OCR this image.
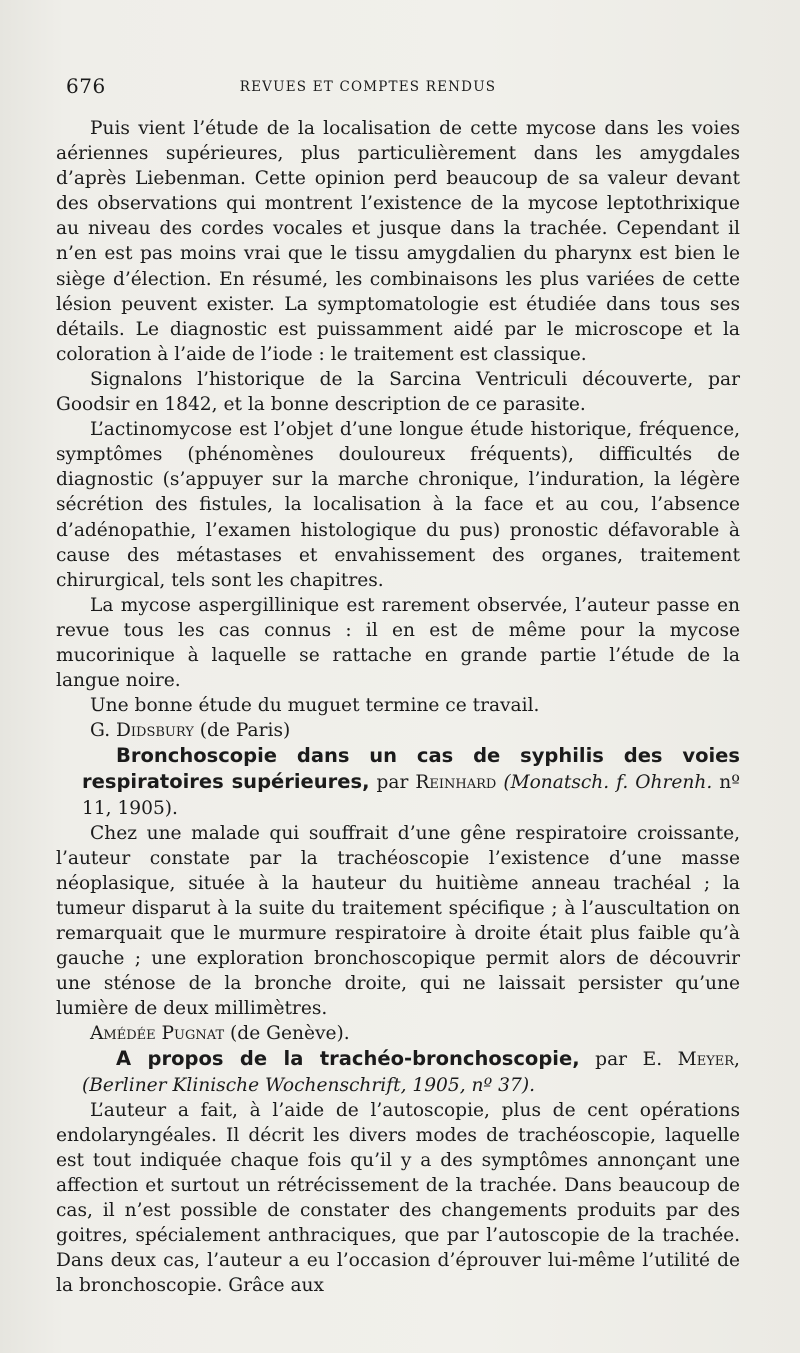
676	REVUES ET COMPTES RENDUS

Puis vient l’étude de la localisation de cette mycose dans les voies aériennes supérieures, plus particulièrement dans les amygdales d’après Liebenman. Cette opinion perd beaucoup de sa valeur devant des observations qui montrent l’existence de la mycose leptothrixique au niveau des cordes vocales et jusque dans la trachée. Cependant il n’en est pas moins vrai que le tissu amygdalien du pharynx est bien le siège d’élection. En résumé, les combinaisons les plus variées de cette lésion peuvent exister. La symptomatologie est étudiée dans tous ses détails. Le diagnostic est puissamment aidé par le microscope et la coloration à l’aide de l’iode : le traitement est classique.

Signalons l’historique de la Sarcina Ventriculi découverte, par Goodsir en 1842, et la bonne description de ce parasite.

L’actinomycose est l’objet d’une longue étude historique, fréquence, symptômes (phénomènes douloureux fréquents), difficultés de diagnostic (s’appuyer sur la marche chronique, l’induration, la légère sécrétion des fistules, la localisation à la face et au cou, l’absence d’adénopathie, l’examen histologique du pus) pronostic défavorable à cause des métastases et envahissement des organes, traitement chirurgical, tels sont les chapitres.

La mycose aspergillinique est rarement observée, l’auteur passe en revue tous les cas connus : il en est de même pour la mycose mucorinique à laquelle se rattache en grande partie l’étude de la langue noire.

Une bonne étude du muguet termine ce travail.

G. Didsbury (de Paris)

Bronchoscopie dans un cas de syphilis des voies respiratoires supérieures, par Reinhard (Monatsch. f. Ohrenh. nº 11, 1905).

Chez une malade qui souffrait d’une gêne respiratoire croissante, l’auteur constate par la trachéoscopie l’existence d’une masse néoplasique, située à la hauteur du huitième anneau trachéal ; la tumeur disparut à la suite du traitement spécifique ; à l’auscultation on remarquait que le murmure respiratoire à droite était plus faible qu’à gauche ; une exploration bronchoscopique permit alors de découvrir une sténose de la bronche droite, qui ne laissait persister qu’une lumière de deux millimètres.

Amédée Pugnat (de Genève).

A propos de la trachéo-bronchoscopie, par E. Meyer, (Berliner Klinische Wochenschrift, 1905, nº 37).

L’auteur a fait, à l’aide de l’autoscopie, plus de cent opérations endolaryngéales. Il décrit les divers modes de trachéoscopie, laquelle est tout indiquée chaque fois qu’il y a des symptômes annonçant une affection et surtout un rétrécissement de la trachée. Dans beaucoup de cas, il n’est possible de constater des changements produits par des goitres, spécialement anthraciques, que par l’autoscopie de la trachée. Dans deux cas, l’auteur a eu l’occasion d’éprouver lui-même l’utilité de la bronchoscopie. Grâce aux
